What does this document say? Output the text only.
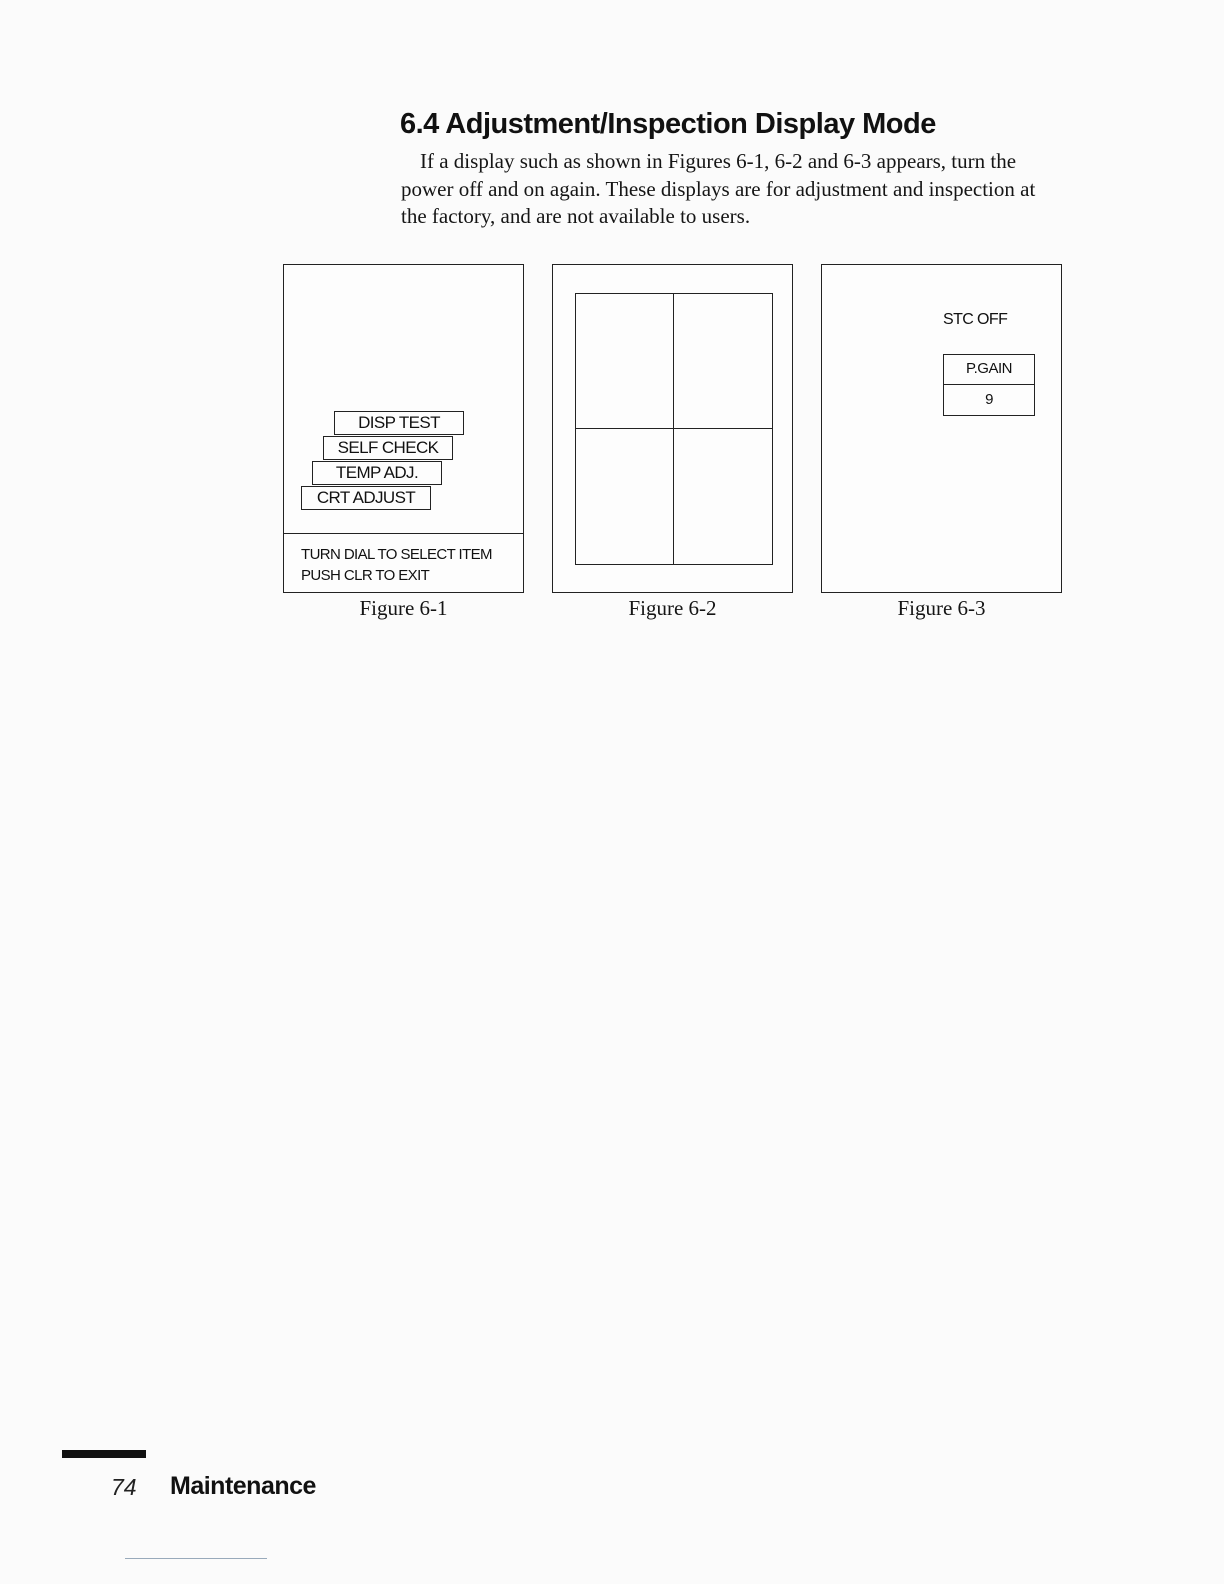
6.4 Adjustment/Inspection Display Mode

If a display such as shown in Figures 6-1, 6-2 and 6-3 appears, turn the power off and on again. These displays are for adjustment and inspection at the factory, and are not available to users.

DISP TEST
SELF CHECK
TEMP ADJ.
CRT ADJUST
TURN DIAL TO SELECT ITEM
PUSH CLR TO EXIT
Figure 6-1	Figure 6-2
STC OFF
P.GAIN
9
Figure 6-3
74 Maintenance
